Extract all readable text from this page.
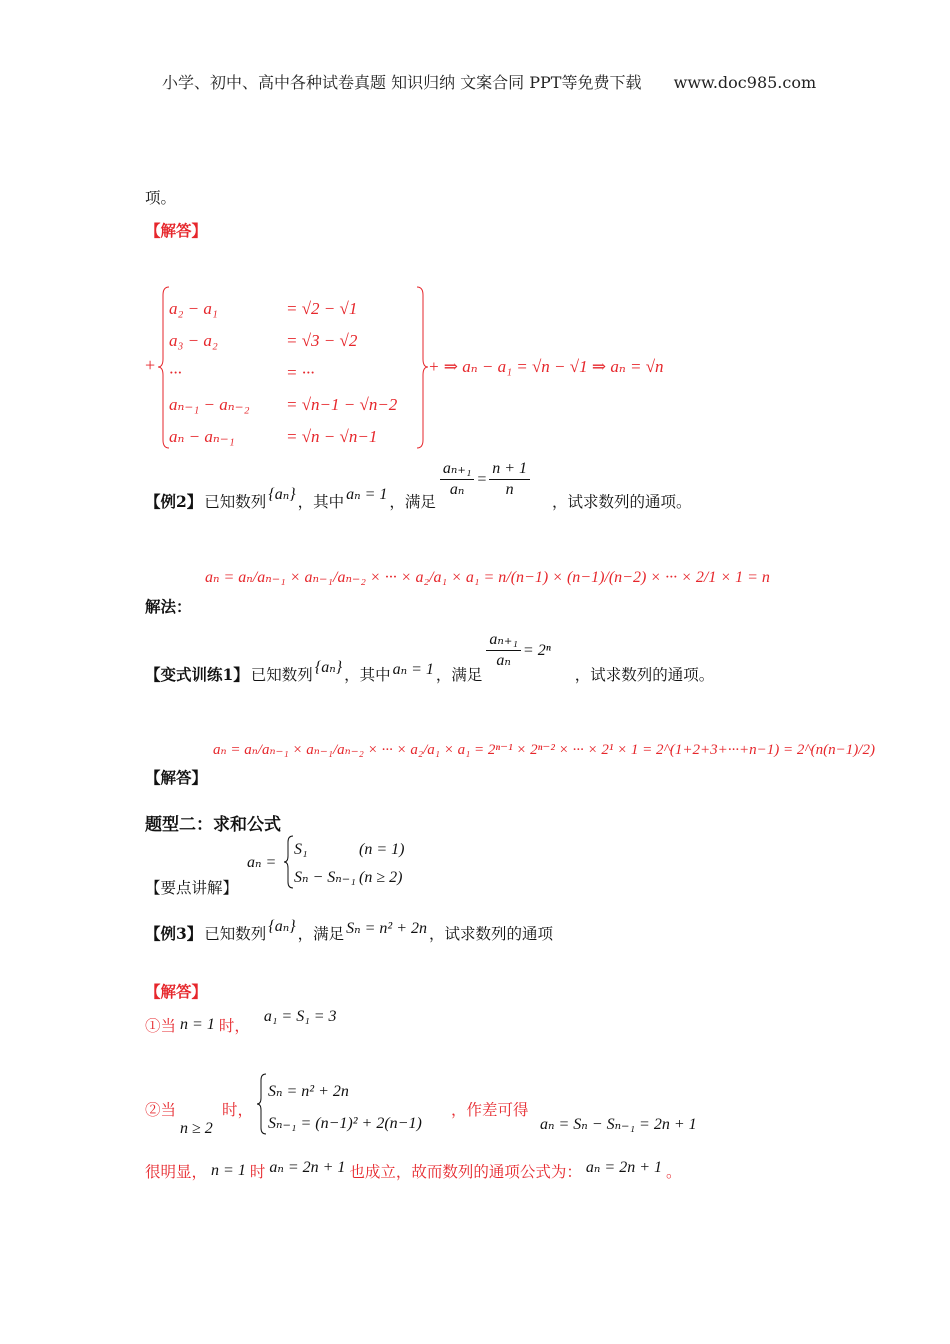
小学、初中、高中各种试卷真题 知识归纳 文案合同 PPT等免费下载 www.doc985.com
项。
【解答】
+
a₂ − a₁
a₃ − a₂
···
aₙ₋₁ − aₙ₋₂
aₙ − aₙ₋₁
= √2 − √1
= √3 − √2
= ···
= √n−1 − √n−2
= √n − √n−1
+ ⇒ aₙ − a₁ = √n − √1 ⇒ aₙ = √n
【例2】 已知数列 {aₙ} ，其中 aₙ = 1 ，满足
$\frac{\text{aₙ₊₁}}{\text{aₙ}} = \frac{n + 1}{n}$
，试求数列的通项。
aₙ = aₙ/aₙ₋₁ × aₙ₋₁/aₙ₋₂ × ··· × a₂/a₁ × a₁ = n/(n−1) × (n−1)/(n−2) × ··· × 2/1 × 1 = n
解法：
【变式训练1】 已知数列 {aₙ} ，其中 aₙ = 1 ，满足
$\frac{\text{aₙ₊₁}}{\text{aₙ}} = 2^n$
，试求数列的通项。
aₙ = aₙ/aₙ₋₁ × aₙ₋₁/aₙ₋₂ × ··· × a₂/a₁ × a₁ = 2ⁿ⁻¹ × 2ⁿ⁻² × ··· × 2¹ × 1 = 2^(1+2+3+···+n−1) = 2^(n(n−1)/2)
【解答】
题型二：求和公式
aₙ =
S₁	(n = 1)
Sₙ − Sₙ₋₁ (n ≥ 2)
【要点讲解】
【例3】 已知数列 {aₙ} ，满足 Sₙ = n² + 2n ，试求数列的通项
【解答】
①当 n = 1 时，
a₁ = S₁ = 3
②当	时，
n ≥ 2
Sₙ = n² + 2n
Sₙ₋₁ = (n−1)² + 2(n−1)
，作差可得
aₙ = Sₙ − Sₙ₋₁ = 2n + 1
很明显， n = 1 时 aₙ = 2n + 1 也成立，故而数列的通项公式为： aₙ = 2n + 1 。
